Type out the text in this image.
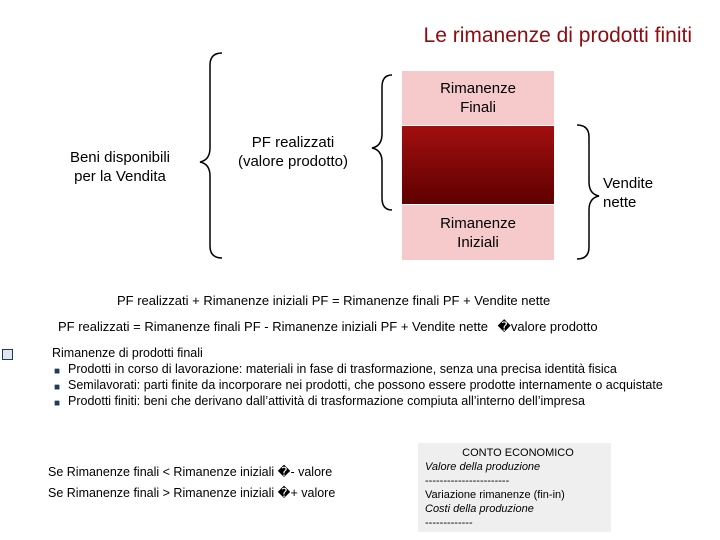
Le rimanenze di prodotti finiti
Beni disponibili
per la Vendita
PF realizzati
(valore prodotto)
Rimanenze
Finali
Rimanenze
Iniziali
Vendite
nette
PF realizzati + Rimanenze iniziali PF = Rimanenze finali PF + Vendite nette
PF realizzati = Rimanenze finali PF - Rimanenze iniziali PF + Vendite nette �valore prodotto
Rimanenze di prodotti finali
■ Prodotti in corso di lavorazione: materiali in fase di trasformazione, senza una precisa identità fisica
■ Semilavorati: parti finite da incorporare nei prodotti, che possono essere prodotte internamente o acquistate
■ Prodotti finiti: beni che derivano dall’attività di trasformazione compiuta all’interno dell’impresa
Se Rimanenze finali < Rimanenze iniziali �- valore
Se Rimanenze finali > Rimanenze iniziali �+ valore
CONTO ECONOMICO
Valore della produzione
-----------------------
Variazione rimanenze (fin-in)
Costi della produzione
-------------
